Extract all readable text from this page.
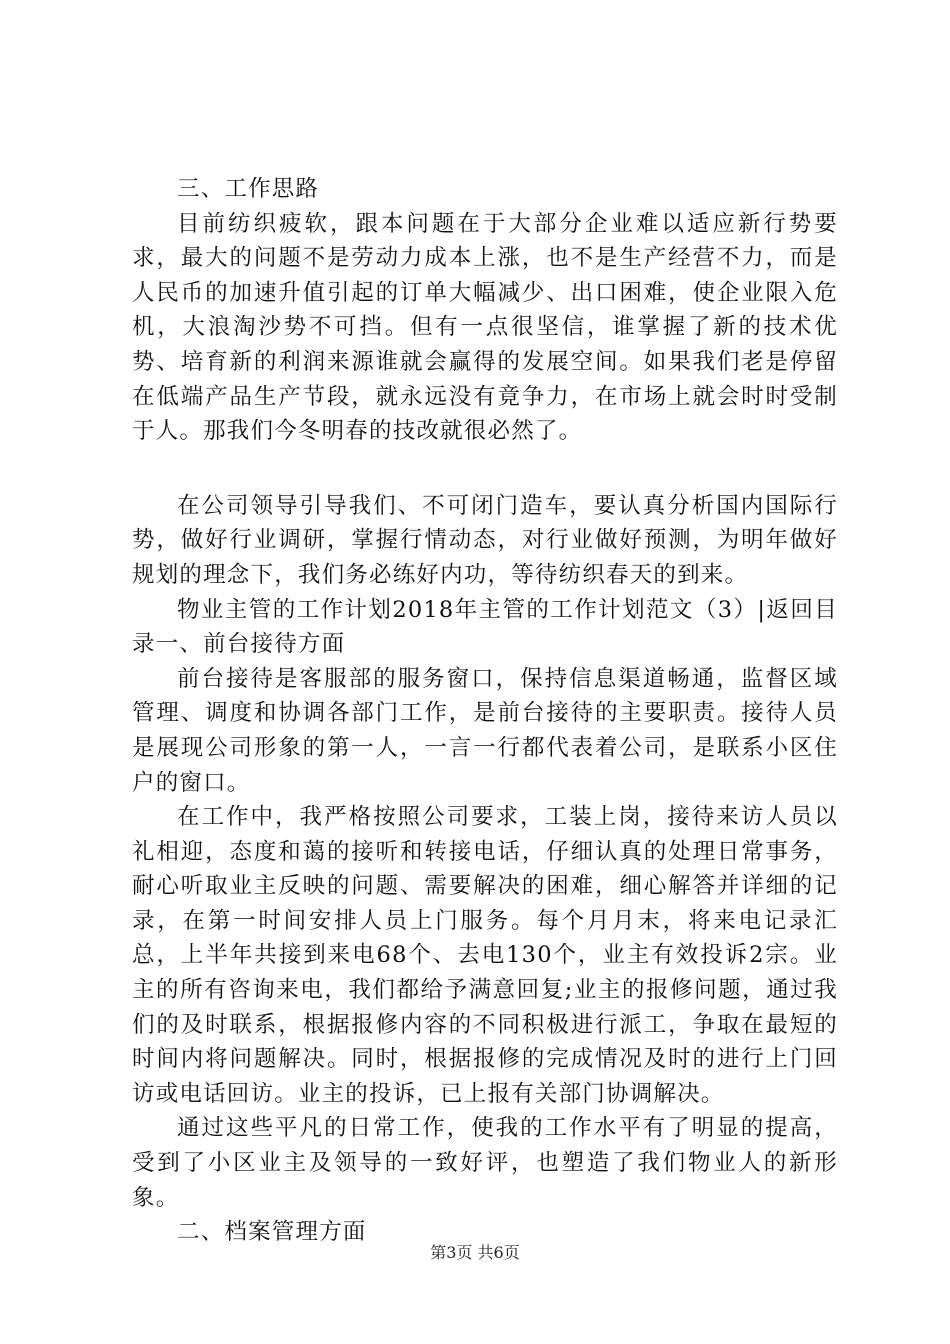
三、工作思路

目前纺织疲软，跟本问题在于大部分企业难以适应新行势要求，最大的问题不是劳动力成本上涨，也不是生产经营不力，而是人民币的加速升值引起的订单大幅减少、出口困难，使企业限入危机，大浪淘沙势不可挡。但有一点很坚信，谁掌握了新的技术优势、培育新的利润来源谁就会赢得的发展空间。如果我们老是停留在低端产品生产节段，就永远没有竟争力，在市场上就会时时受制于人。那我们今冬明春的技改就很必然了。

在公司领导引导我们、不可闭门造车，要认真分析国内国际行势，做好行业调研，掌握行情动态，对行业做好预测，为明年做好规划的理念下，我们务必练好内功，等待纺织春天的到来。

物业主管的工作计划2018年主管的工作计划范文（3）|返回目录一、前台接待方面

前台接待是客服部的服务窗口，保持信息渠道畅通，监督区域管理、调度和协调各部门工作，是前台接待的主要职责。接待人员是展现公司形象的第一人，一言一行都代表着公司，是联系小区住户的窗口。

在工作中，我严格按照公司要求，工装上岗，接待来访人员以礼相迎，态度和蔼的接听和转接电话，仔细认真的处理日常事务，耐心听取业主反映的问题、需要解决的困难，细心解答并详细的记录，在第一时间安排人员上门服务。每个月月末，将来电记录汇总，上半年共接到来电68个、去电130个，业主有效投诉2宗。业主的所有咨询来电，我们都给予满意回复;业主的报修问题，通过我们的及时联系，根据报修内容的不同积极进行派工，争取在最短的时间内将问题解决。同时，根据报修的完成情况及时的进行上门回访或电话回访。业主的投诉，已上报有关部门协调解决。

通过这些平凡的日常工作，使我的工作水平有了明显的提高，受到了小区业主及领导的一致好评，也塑造了我们物业人的新形象。

二、档案管理方面

第3页 共6页
